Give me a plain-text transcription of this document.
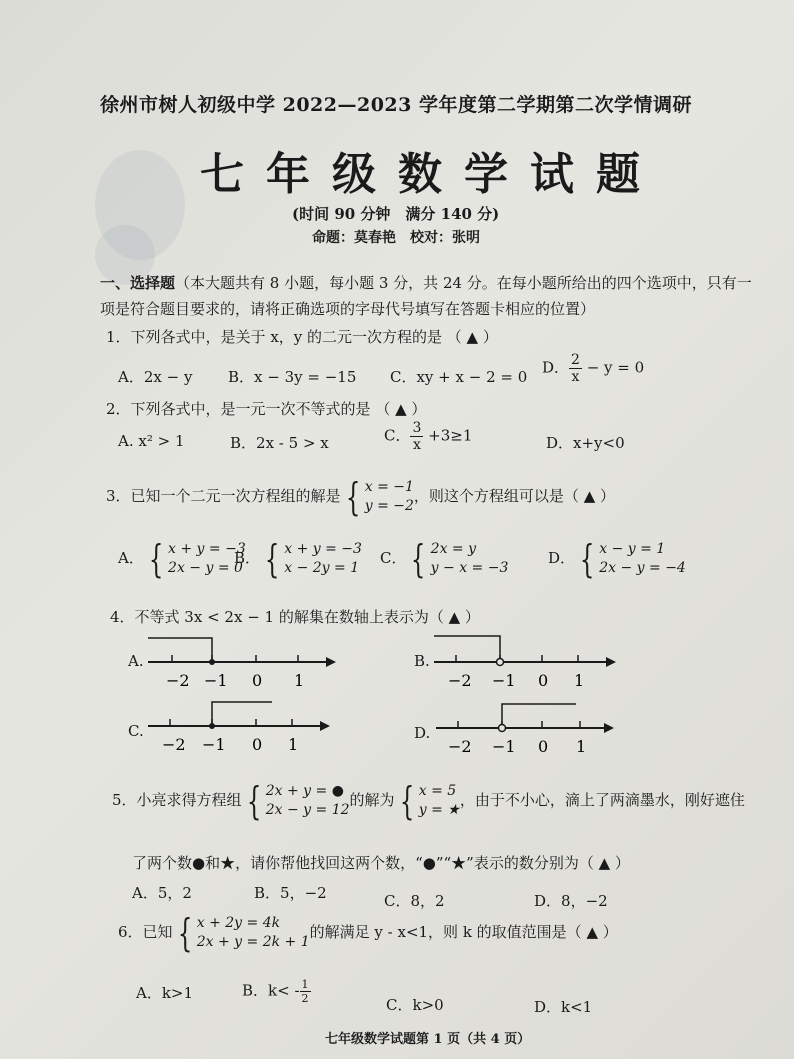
徐州市树人初级中学 2022—2023 学年度第二学期第二次学情调研
七年级数学试题
(时间 90 分钟　满分 140 分)
命题：莫春艳　校对：张明
一、选择题（本大题共有 8 小题，每小题 3 分，共 24 分。在每小题所给出的四个选项中，只有一项是符合题目要求的，请将正确选项的字母代号填写在答题卡相应的位置）
1．下列各式中，是关于 x，y 的二元一次方程的是 （ ▲ ）
A．2x − y B．x − 3y = −15 C．xy + x − 2 = 0
D． $\frac{2}{x} - y = 0$
2．下列各式中，是一元一次不等式的是 （ ▲ ）
A. x² > 1	B．2x - 5 > x	C． $\frac{3}{x} +3\ge 1$	D．x+y<0
3．已知一个二元一次方程组的解是 { x = −1
y = −2，则这个方程组可以是（ ▲ ）
A． { x + y = −3
2x − y = 0
B． { x + y = −3
x − 2y = 1
C． { 2x = y
y − x = −3
D． { x − y = 1
2x − y = −4
4．不等式 3x < 2x − 1 的解集在数轴上表示为（ ▲ ）
A.
−2 −1 0 1
B.
−2 −1 0 1
C.
−2 −1 0 1
D.
−2 −1 0 1
5．小亮求得方程组 { 2x + y = ●
2x − y = 12的解为 { x = 5
y = ★，由于不小心，滴上了两滴墨水，刚好遮住
了两个数●和★，请你帮他找回这两个数，“●”“★”表示的数分别为（ ▲ ）
A．5，2	B．5，−2	C．8，2	D．8，−2
6．已知 { x + 2y = 4k
2x + y = 2k + 1的解满足 y - x<1，则 k 的取值范围是（ ▲ ）
A．k>1	B．$k< - \frac{1}{2}$	C．k>0	D．k<1
七年级数学试题第 1 页（共 4 页）
